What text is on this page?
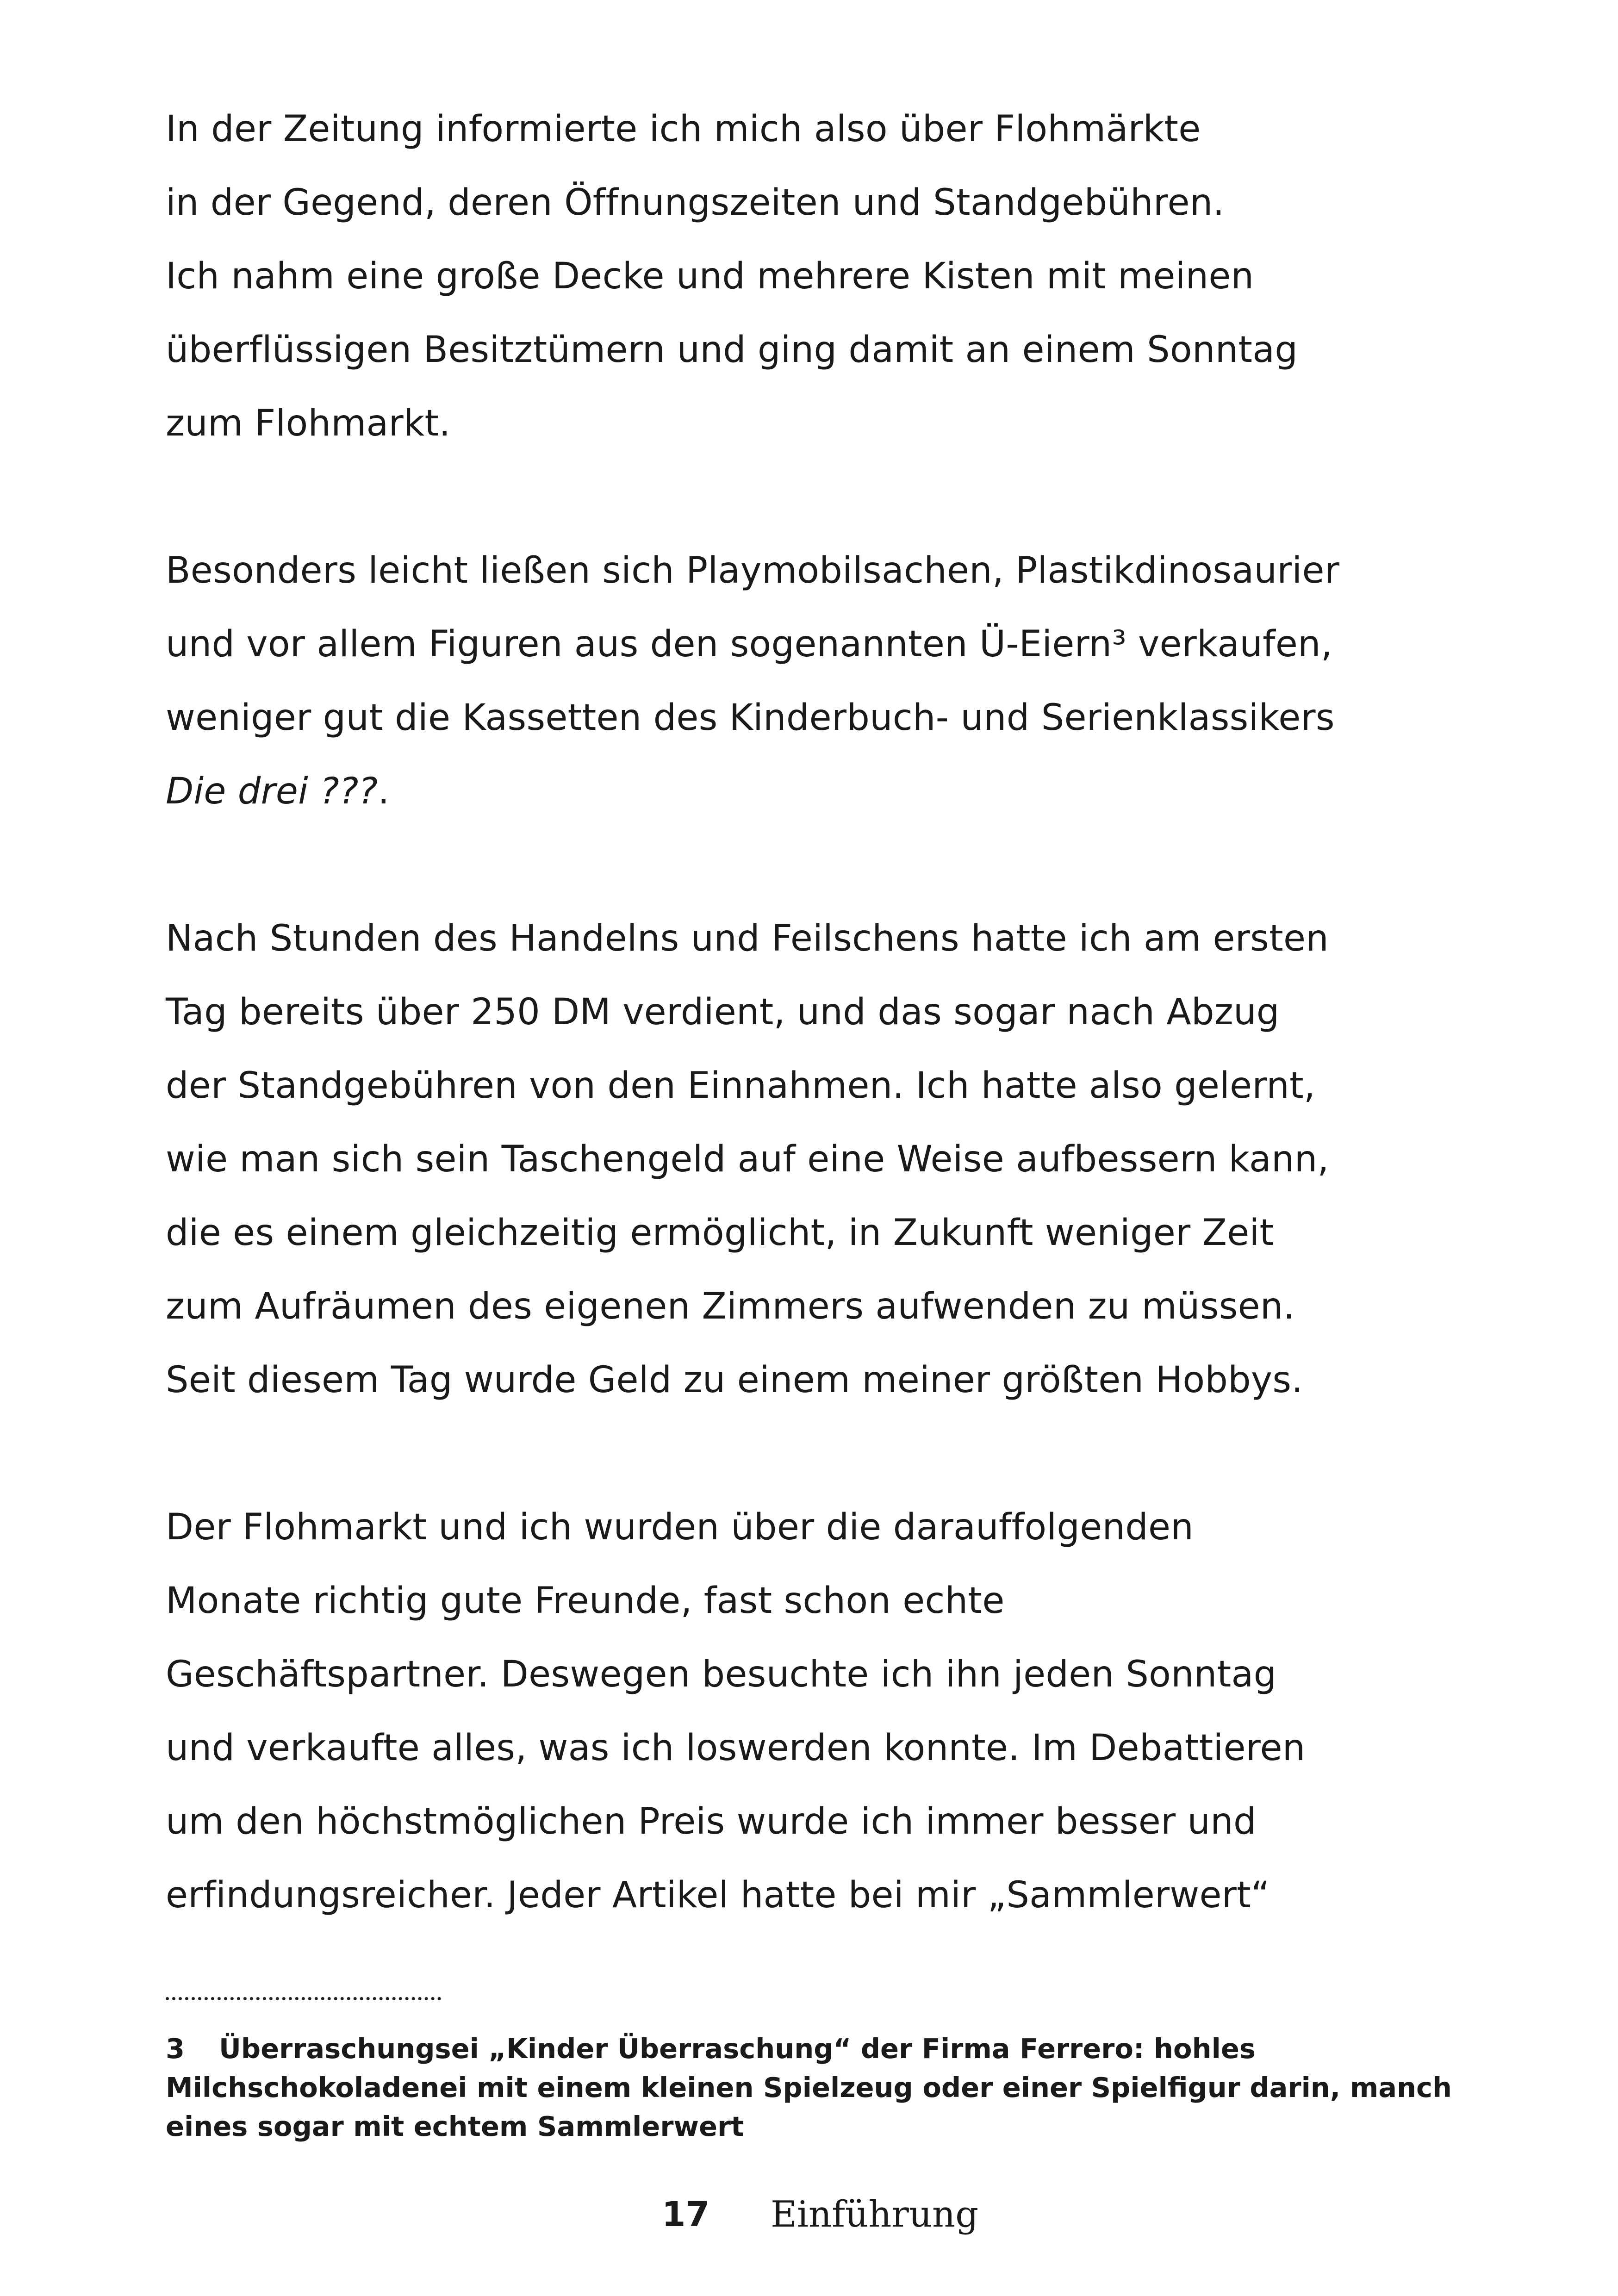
In der Zeitung informierte ich mich also über Flohmärkte
in der Gegend, deren Öffnungszeiten und Standgebühren.
Ich nahm eine große Decke und mehrere Kisten mit meinen
überflüssigen Besitztümern und ging damit an einem Sonntag
zum Flohmarkt.

Besonders leicht ließen sich Playmobilsachen, Plastikdinosaurier
und vor allem Figuren aus den sogenannten Ü-Eiern³ verkaufen,
weniger gut die Kassetten des Kinderbuch- und Serienklassikers
Die drei ???.

Nach Stunden des Handelns und Feilschens hatte ich am ersten
Tag bereits über 250 DM verdient, und das sogar nach Abzug
der Standgebühren von den Einnahmen. Ich hatte also gelernt,
wie man sich sein Taschengeld auf eine Weise aufbessern kann,
die es einem gleichzeitig ermöglicht, in Zukunft weniger Zeit
zum Aufräumen des eigenen Zimmers aufwenden zu müssen.
Seit diesem Tag wurde Geld zu einem meiner größten Hobbys.

Der Flohmarkt und ich wurden über die darauffolgenden
Monate richtig gute Freunde, fast schon echte
Geschäftspartner. Deswegen besuchte ich ihn jeden Sonntag
und verkaufte alles, was ich loswerden konnte. Im Debattieren
um den höchstmöglichen Preis wurde ich immer besser und
erfindungsreicher. Jeder Artikel hatte bei mir „Sammlerwert“

3 Überraschungsei „Kinder Überraschung“ der Firma Ferrero: hohles
Milchschokoladenei mit einem kleinen Spielzeug oder einer Spielfigur darin, manch
eines sogar mit echtem Sammlerwert
17 Einführung
